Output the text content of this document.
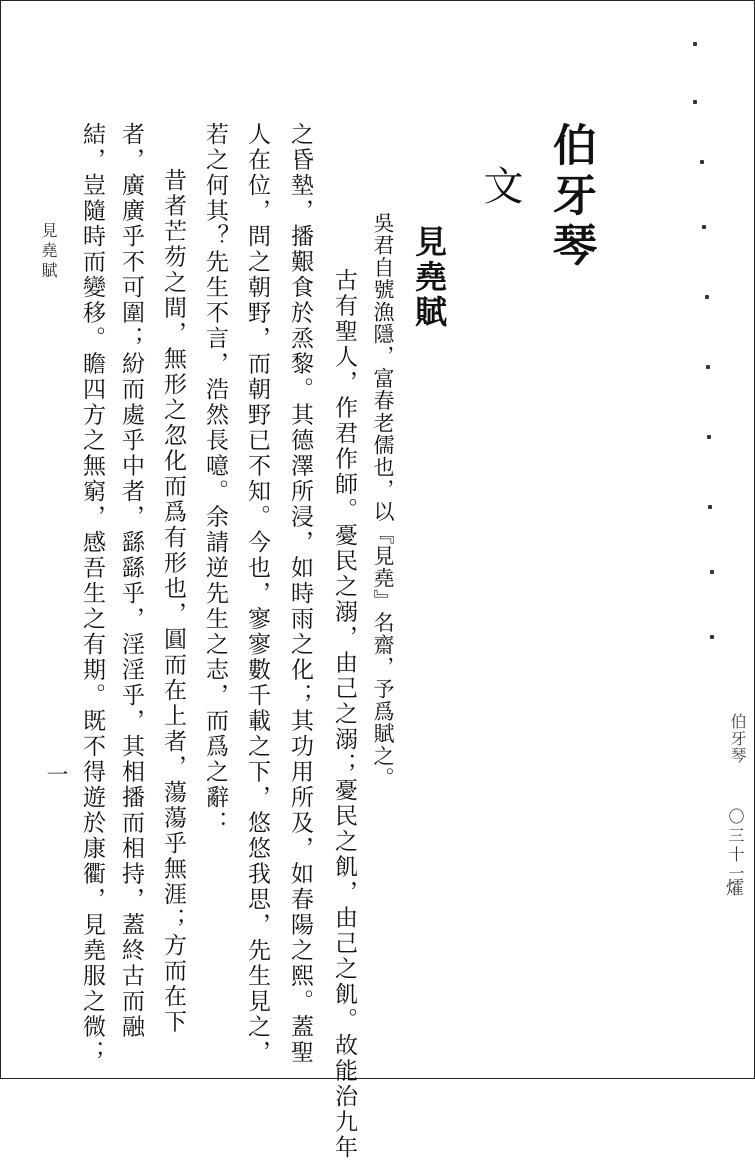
伯牙琴
文
見堯賦
吳君自號漁隱，富春老儒也，以『見堯』名齋，予爲賦之。
古有聖人，作君作師。憂民之溺，由己之溺；憂民之飢，由己之飢。故能治九年
之昏墊，播艱食於烝黎。其德澤所浸，如時雨之化；其功用所及，如春陽之熙。蓋聖
人在位，問之朝野，而朝野已不知。今也，寥寥數千載之下，悠悠我思，先生見之，
若之何其？先生不言，浩然長噫。余請逆先生之志，而爲之辭：
昔者芒芴之間，無形之忽化而爲有形也，圓而在上者，蕩蕩乎無涯；方而在下
者，廣廣乎不可圍；紛而處乎中者，繇繇乎，淫淫乎，其相播而相持，蓋終古而融
結，豈隨時而變移。瞻四方之無窮，感吾生之有期。既不得遊於康衢，見堯服之微；	伯牙琴
〇三十一
㸌
見堯賦
一
